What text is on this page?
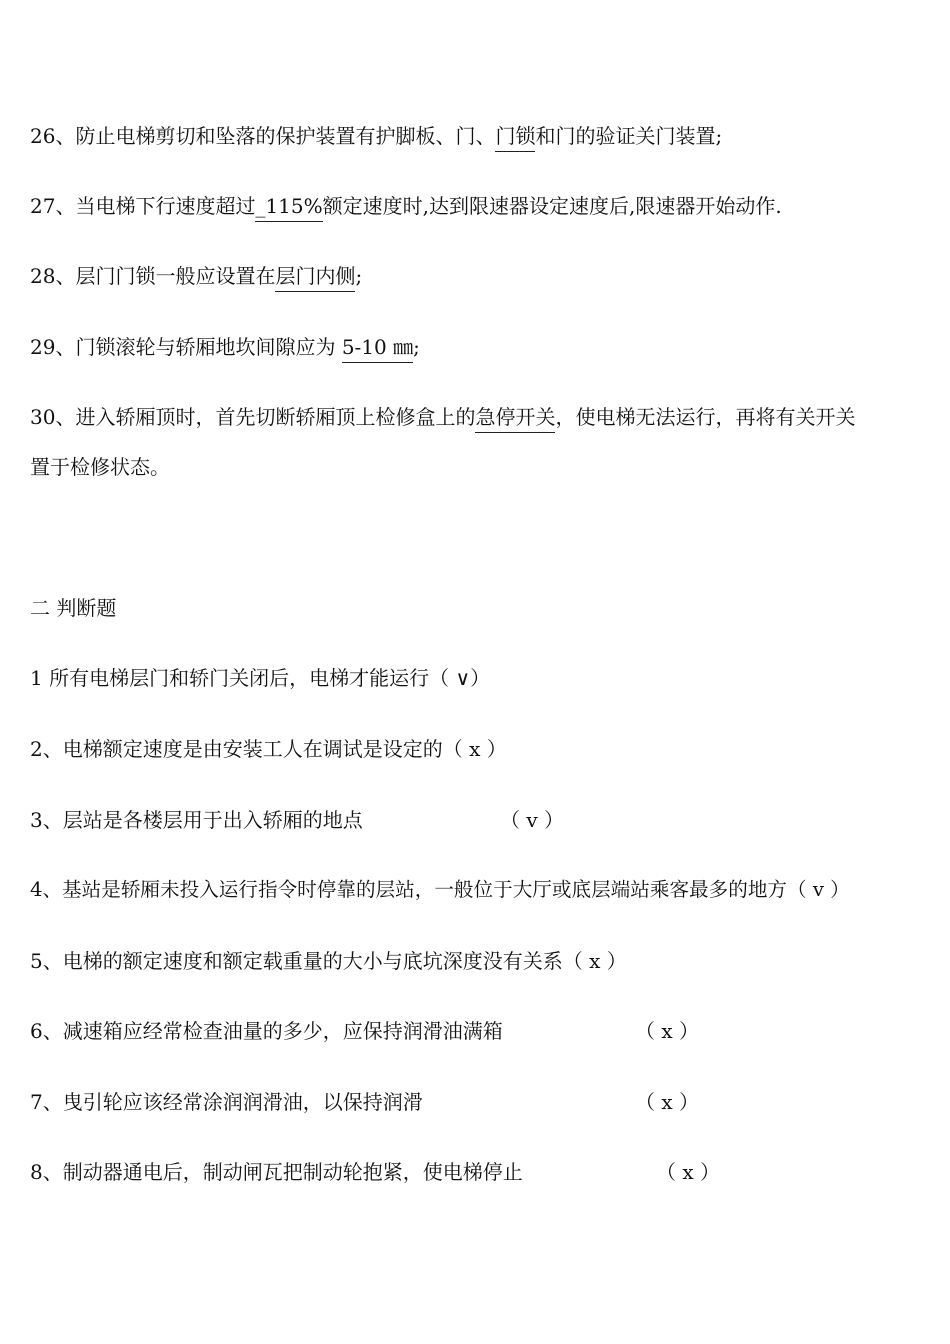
26、防止电梯剪切和坠落的保护装置有护脚板、门、门锁和门的验证关门装置;
27、当电梯下行速度超过_115%额定速度时,达到限速器设定速度后,限速器开始动作.
28、层门门锁一般应设置在层门内侧;
29、门锁滚轮与轿厢地坎间隙应为 5-10 ㎜;
30、进入轿厢顶时，首先切断轿厢顶上检修盒上的急停开关，使电梯无法运行，再将有关开关
置于检修状态。
二 判断题
1 所有电梯层门和轿门关闭后，电梯才能运行（ ∨）
2、电梯额定速度是由安装工人在调试是设定的（ x ）
3、层站是各楼层用于出入轿厢的地点	（ v ）
4、基站是轿厢未投入运行指令时停靠的层站，一般位于大厅或底层端站乘客最多的地方（ v ）
5、电梯的额定速度和额定载重量的大小与底坑深度没有关系（ x ）
6、减速箱应经常检查油量的多少，应保持润滑油满箱	（ x ）
7、曳引轮应该经常涂润润滑油，以保持润滑	（ x ）
8、制动器通电后，制动闸瓦把制动轮抱紧，使电梯停止	（ x ）
